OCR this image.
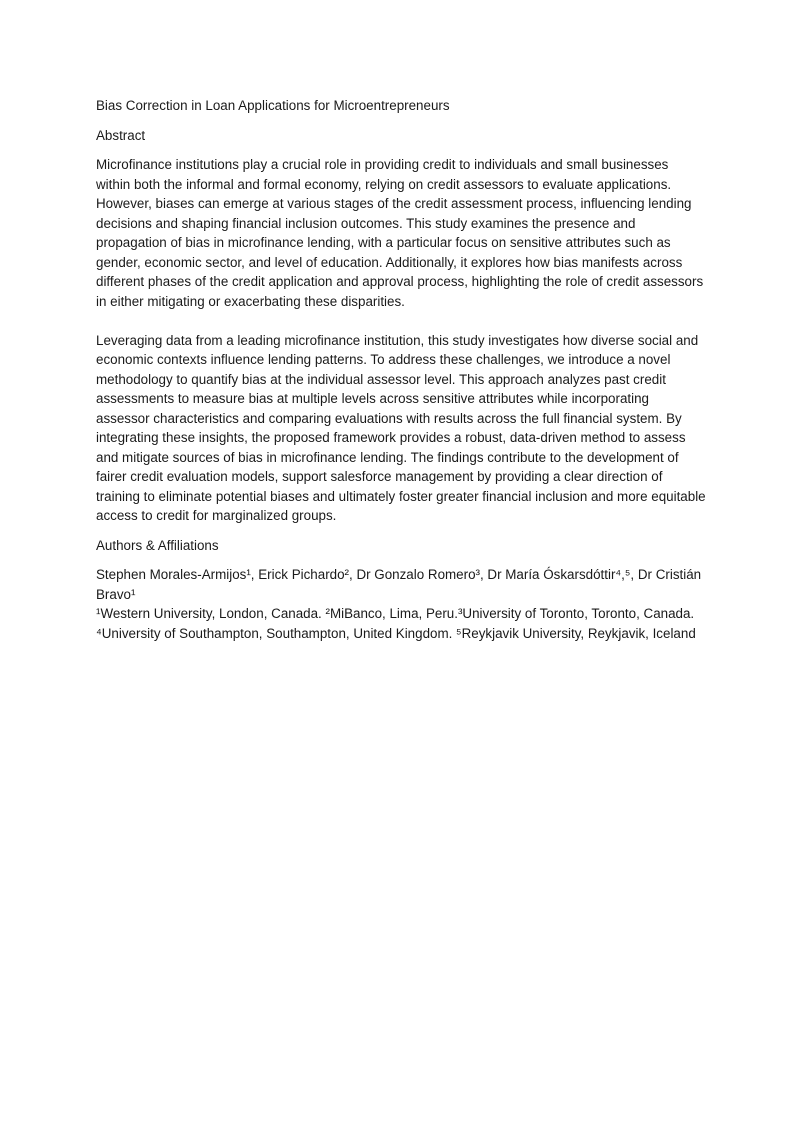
Bias Correction in Loan Applications for Microentrepreneurs

Abstract

Microfinance institutions play a crucial role in providing credit to individuals and small businesses within both the informal and formal economy, relying on credit assessors to evaluate applications. However, biases can emerge at various stages of the credit assessment process, influencing lending decisions and shaping financial inclusion outcomes. This study examines the presence and propagation of bias in microfinance lending, with a particular focus on sensitive attributes such as gender, economic sector, and level of education. Additionally, it explores how bias manifests across different phases of the credit application and approval process, highlighting the role of credit assessors in either mitigating or exacerbating these disparities.

Leveraging data from a leading microfinance institution, this study investigates how diverse social and economic contexts influence lending patterns. To address these challenges, we introduce a novel methodology to quantify bias at the individual assessor level. This approach analyzes past credit assessments to measure bias at multiple levels across sensitive attributes while incorporating assessor characteristics and comparing evaluations with results across the full financial system. By integrating these insights, the proposed framework provides a robust, data-driven method to assess and mitigate sources of bias in microfinance lending. The findings contribute to the development of fairer credit evaluation models, support salesforce management by providing a clear direction of training to eliminate potential biases and ultimately foster greater financial inclusion and more equitable access to credit for marginalized groups.

Authors & Affiliations

Stephen Morales-Armijos¹, Erick Pichardo², Dr Gonzalo Romero³, Dr María Óskarsdóttir⁴,⁵, Dr Cristián Bravo¹

¹Western University, London, Canada. ²MiBanco, Lima, Peru.³University of Toronto, Toronto, Canada. ⁴University of Southampton, Southampton, United Kingdom. ⁵Reykjavik University, Reykjavik, Iceland
